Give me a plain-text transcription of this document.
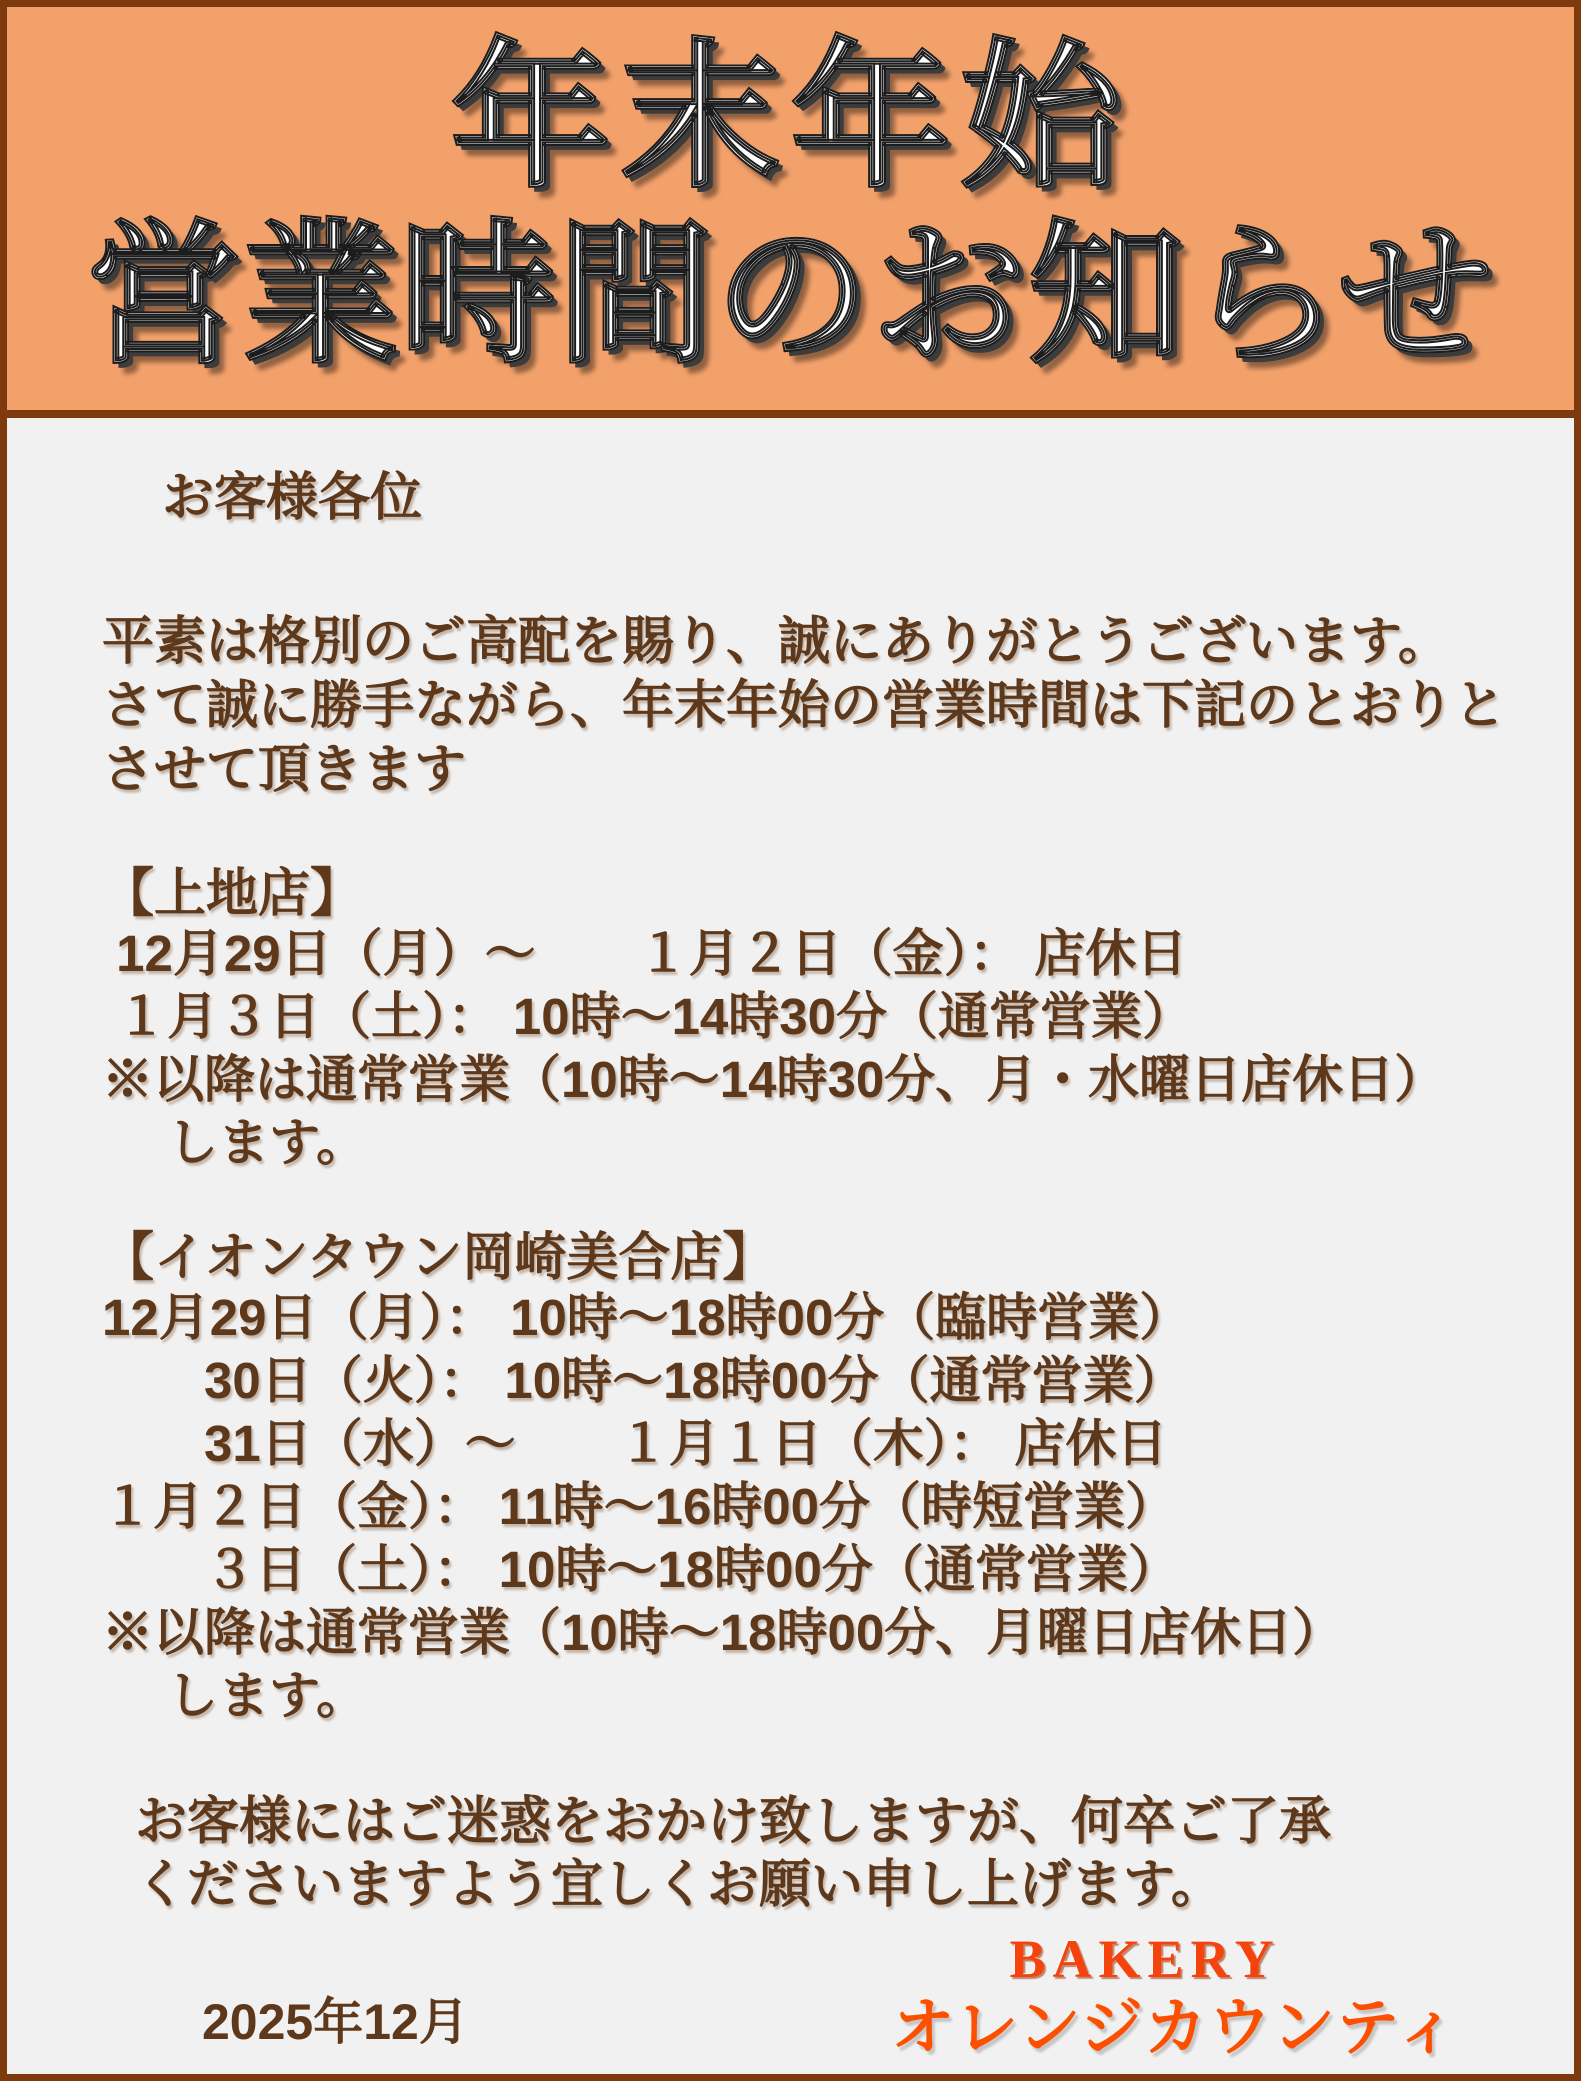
年末年始
営業時間のお知らせ
お客様各位
平素は格別のご高配を賜り、誠にありがとうございます。
さて誠に勝手ながら、年末年始の営業時間は下記のとおりと
させて頂きます
【上地店】
12月29日（月）～　　１月２日（金）： 店休日
１月３日（土）： 10時～14時30分（通常営業）
※以降は通常営業（10時～14時30分、月・水曜日店休日）
　 します。
【イオンタウン岡崎美合店】
12月29日（月）： 10時～18時00分（臨時営業）
　　30日（火）： 10時～18時00分（通常営業）
　　31日（水）～　　１月１日（木）： 店休日
１月２日（金）： 11時～16時00分（時短営業）
　　３日（土）： 10時～18時00分（通常営業）
※以降は通常営業（10時～18時00分、月曜日店休日）
　 します。
お客様にはご迷惑をおかけ致しますが、何卒ご了承
くださいますよう宜しくお願い申し上げます。
2025年12月
BAKERY
オレンジカウンティ
